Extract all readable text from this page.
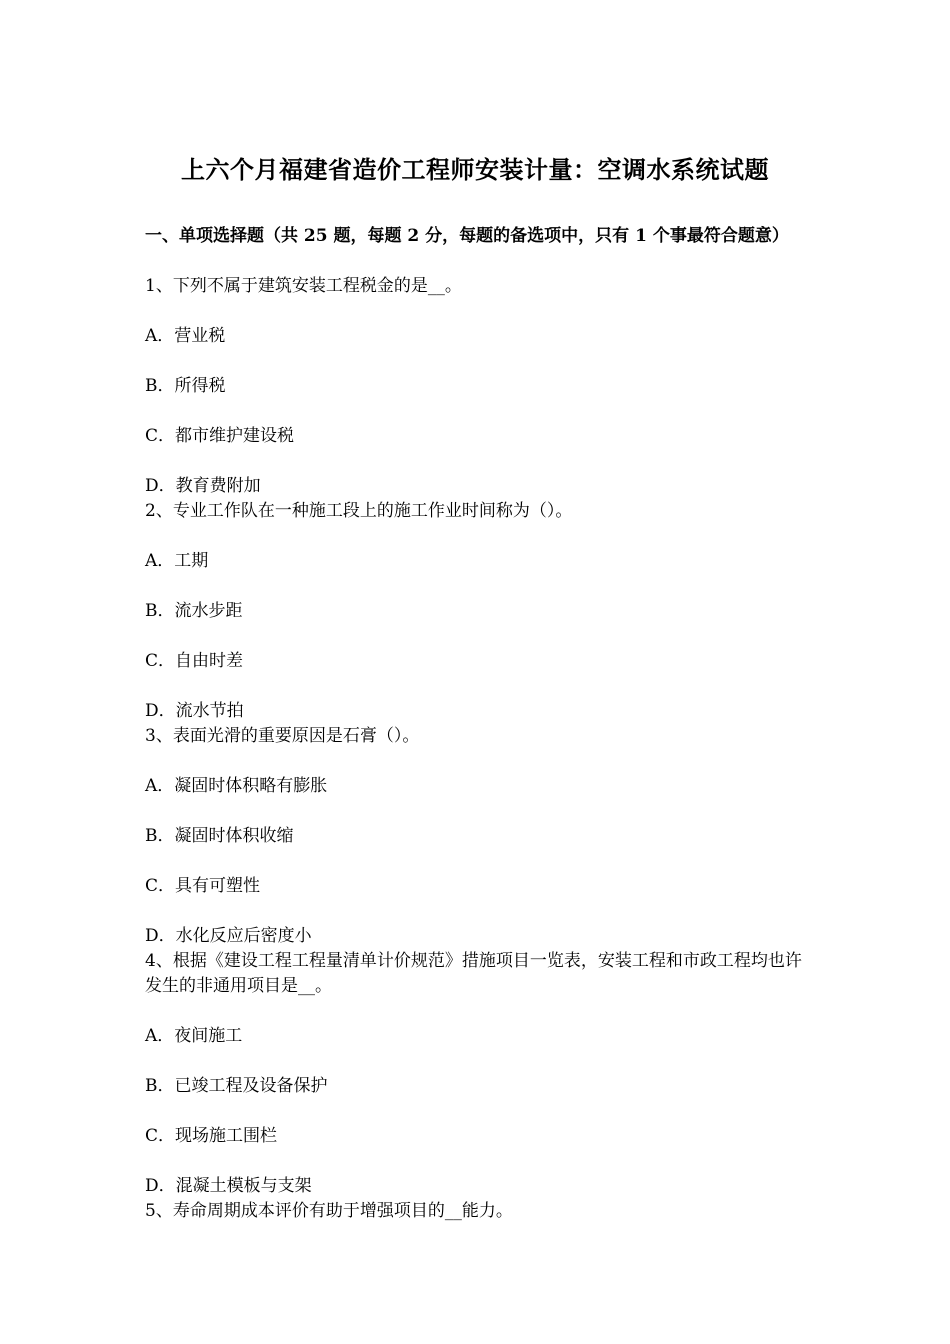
上六个月福建省造价工程师安装计量：空调水系统试题
一、单项选择题（共 25 题，每题 2 分，每题的备选项中，只有 1 个事最符合题意）
1、下列不属于建筑安装工程税金的是__。
A．营业税
B．所得税
C．都市维护建设税
D．教育费附加
2、专业工作队在一种施工段上的施工作业时间称为（）。
A．工期
B．流水步距
C．自由时差
D．流水节拍
3、表面光滑的重要原因是石膏（）。
A．凝固时体积略有膨胀
B．凝固时体积收缩
C．具有可塑性
D．水化反应后密度小
4、根据《建设工程工程量清单计价规范》措施项目一览表，安装工程和市政工程均也许发生的非通用项目是__。
A．夜间施工
B．已竣工程及设备保护
C．现场施工围栏
D．混凝土模板与支架
5、寿命周期成本评价有助于增强项目的__能力。
